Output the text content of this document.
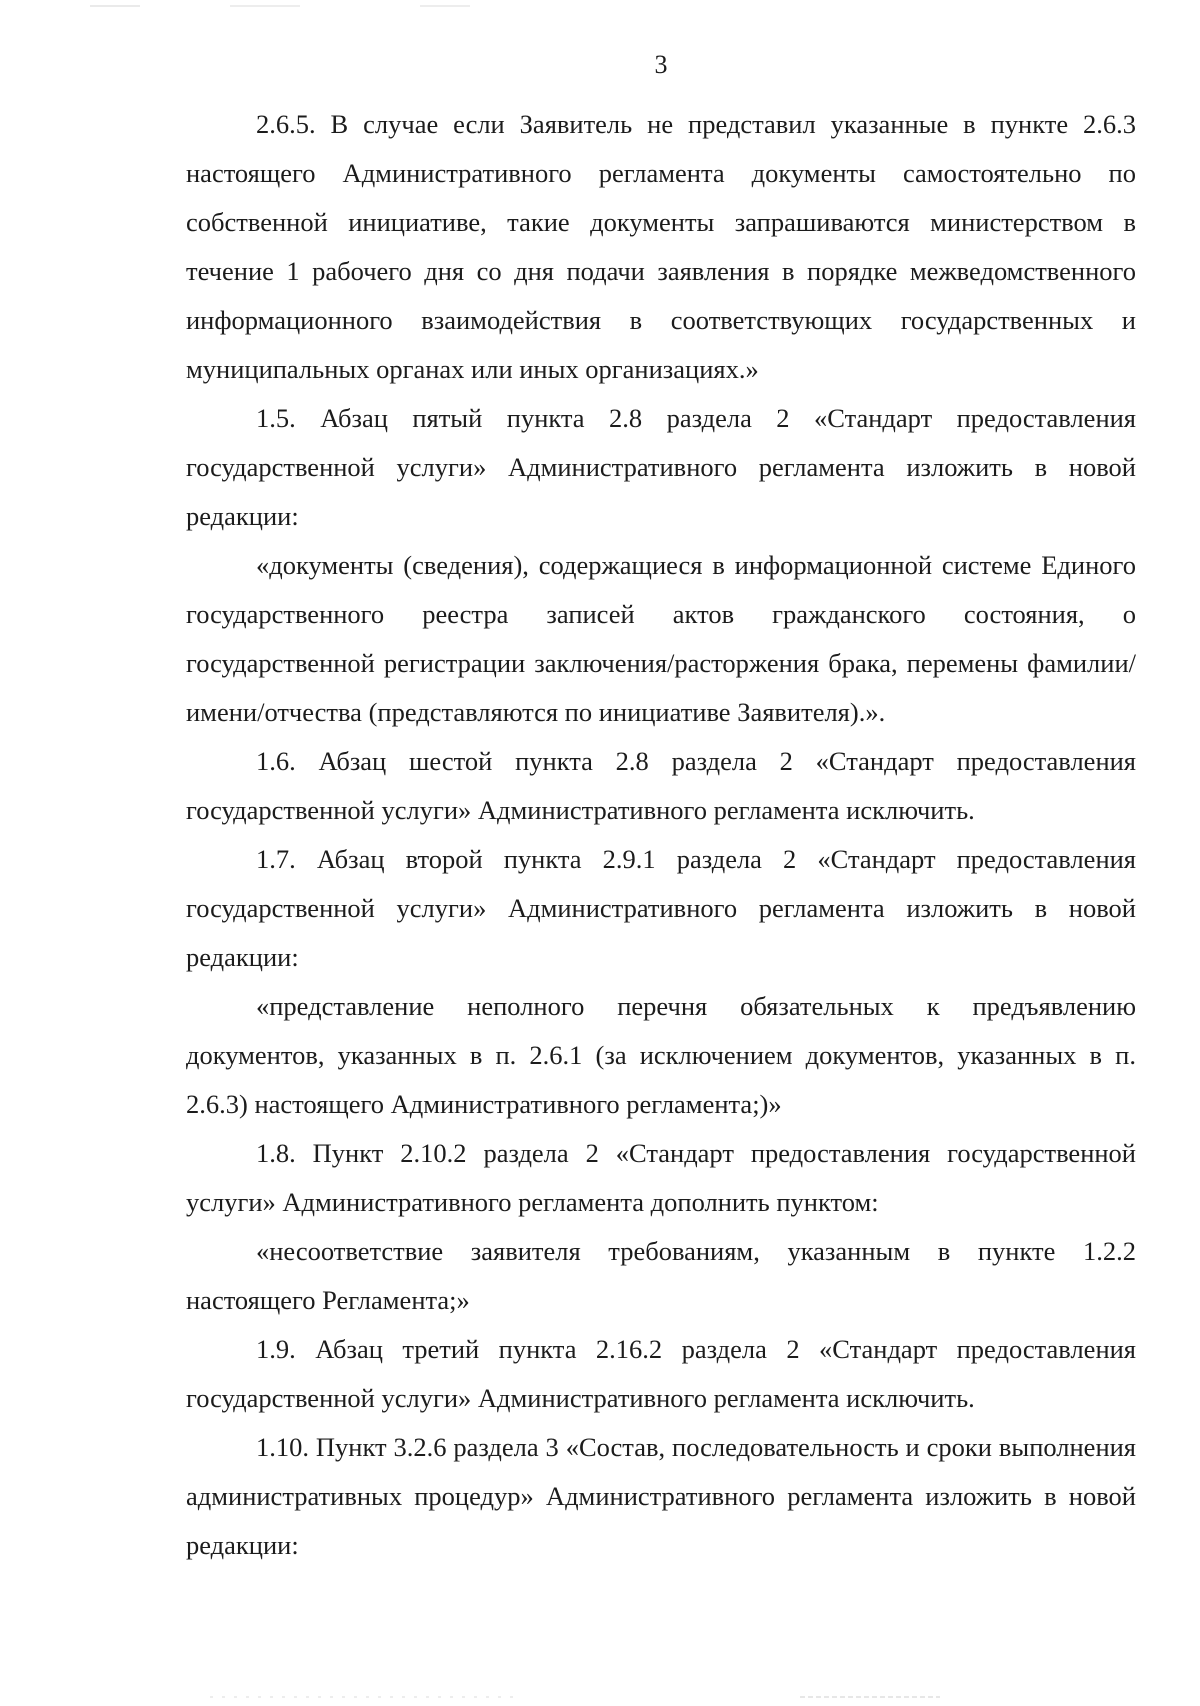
3

2.6.5. В случае если Заявитель не представил указанные в пункте 2.6.3 настоящего Административного регламента документы самостоятельно по собственной инициативе, такие документы запрашиваются министерством в течение 1 рабочего дня со дня подачи заявления в порядке межведомственного информационного взаимодействия в соответствующих государственных и муниципальных органах или иных организациях.»

1.5. Абзац пятый пункта 2.8 раздела 2 «Стандарт предоставления государственной услуги» Административного регламента изложить в новой редакции:

«документы (сведения), содержащиеся в информационной системе Единого государственного реестра записей актов гражданского состояния, о государственной регистрации заключения/расторжения брака, перемены фамилии/имени/отчества (представляются по инициативе Заявителя).».

1.6. Абзац шестой пункта 2.8 раздела 2 «Стандарт предоставления государственной услуги» Административного регламента исключить.

1.7. Абзац второй пункта 2.9.1 раздела 2 «Стандарт предоставления государственной услуги» Административного регламента изложить в новой редакции:

«представление неполного перечня обязательных к предъявлению документов, указанных в п. 2.6.1 (за исключением документов, указанных в п. 2.6.3) настоящего Административного регламента;)»

1.8. Пункт 2.10.2 раздела 2 «Стандарт предоставления государственной услуги» Административного регламента дополнить пунктом:

«несоответствие заявителя требованиям, указанным в пункте 1.2.2 настоящего Регламента;»

1.9. Абзац третий пункта 2.16.2 раздела 2 «Стандарт предоставления государственной услуги» Административного регламента исключить.

1.10. Пункт 3.2.6 раздела 3 «Состав, последовательность и сроки выполнения административных процедур» Административного регламента изложить в новой редакции:
